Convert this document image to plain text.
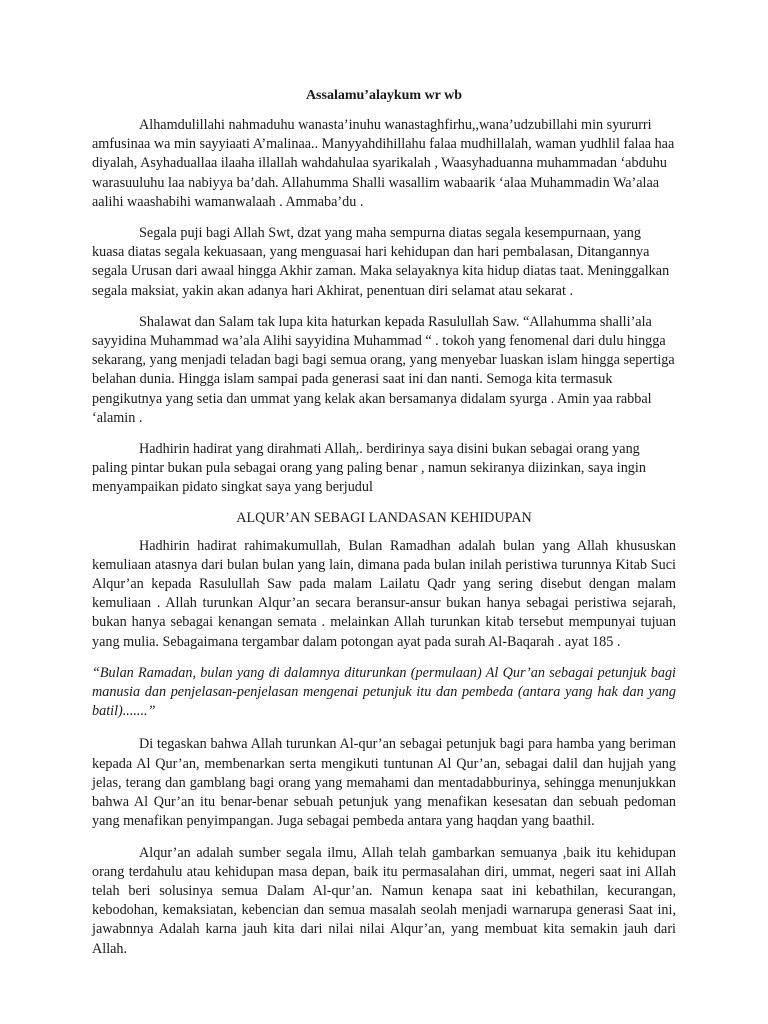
Assalamu’alaykum wr wb

Alhamdulillahi nahmaduhu wanasta’inuhu wanastaghfirhu,,wana’udzubillahi min syururri amfusinaa wa min sayyiaati A’malinaa.. Manyyahdihillahu falaa mudhillalah, waman yudhlil falaa haa diyalah, Asyhaduallaa ilaaha illallah wahdahulaa syarikalah , Waasyhaduanna muhammadan ‘abduhu warasuuluhu laa nabiyya ba’dah. Allahumma Shalli wasallim wabaarik ‘alaa Muhammadin Wa’alaa aalihi waashabihi wamanwalaah . Ammaba’du .

Segala puji bagi Allah Swt, dzat yang maha sempurna diatas segala kesempurnaan, yang kuasa diatas segala kekuasaan, yang menguasai hari kehidupan dan hari pembalasan, Ditangannya segala Urusan dari awaal hingga Akhir zaman. Maka selayaknya kita hidup diatas taat. Meninggalkan segala maksiat, yakin akan adanya hari Akhirat, penentuan diri selamat atau sekarat .

Shalawat dan Salam tak lupa kita haturkan kepada Rasulullah Saw. “Allahumma shalli’ala sayyidina Muhammad wa’ala Alihi sayyidina Muhammad “ . tokoh yang fenomenal dari dulu hingga sekarang, yang menjadi teladan bagi bagi semua orang, yang menyebar luaskan islam hingga sepertiga belahan dunia. Hingga islam sampai pada generasi saat ini dan nanti. Semoga kita termasuk pengikutnya yang setia dan ummat yang kelak akan bersamanya didalam syurga . Amin yaa rabbal ‘alamin .

Hadhirin hadirat yang dirahmati Allah,. berdirinya saya disini bukan sebagai orang yang paling pintar bukan pula sebagai orang yang paling benar , namun sekiranya diizinkan, saya ingin menyampaikan pidato singkat saya yang berjudul

ALQUR’AN SEBAGI LANDASAN KEHIDUPAN

Hadhirin hadirat rahimakumullah, Bulan Ramadhan adalah bulan yang Allah khususkan kemuliaan atasnya dari bulan bulan yang lain, dimana pada bulan inilah peristiwa turunnya Kitab Suci Alqur’an kepada Rasulullah Saw pada malam Lailatu Qadr yang sering disebut dengan malam kemuliaan . Allah turunkan Alqur’an secara beransur-ansur bukan hanya sebagai peristiwa sejarah, bukan hanya sebagai kenangan semata . melainkan Allah turunkan kitab tersebut mempunyai tujuan yang mulia. Sebagaimana tergambar dalam potongan ayat pada surah Al-Baqarah . ayat 185 .

“Bulan Ramadan, bulan yang di dalamnya diturunkan (permulaan) Al Qur’an sebagai petunjuk bagi manusia dan penjelasan-penjelasan mengenai petunjuk itu dan pembeda (antara yang hak dan yang batil).......”

Di tegaskan bahwa Allah turunkan Al-qur’an sebagai petunjuk bagi para hamba yang beriman kepada Al Qur’an, membenarkan serta mengikuti tuntunan Al Qur’an, sebagai dalil dan hujjah yang jelas, terang dan gamblang bagi orang yang memahami dan mentadabburinya, sehingga menunjukkan bahwa Al Qur’an itu benar-benar sebuah petunjuk yang menafikan kesesatan dan sebuah pedoman yang menafikan penyimpangan. Juga sebagai pembeda antara yang haqdan yang baathil.

Alqur’an adalah sumber segala ilmu, Allah telah gambarkan semuanya ,baik itu kehidupan orang terdahulu atau kehidupan masa depan, baik itu permasalahan diri, ummat, negeri saat ini Allah telah beri solusinya semua Dalam Al-qur’an. Namun kenapa saat ini kebathilan, kecurangan, kebodohan, kemaksiatan, kebencian dan semua masalah seolah menjadi warnarupa generasi Saat ini, jawabnnya Adalah karna jauh kita dari nilai nilai Alqur’an, yang membuat kita semakin jauh dari Allah.
